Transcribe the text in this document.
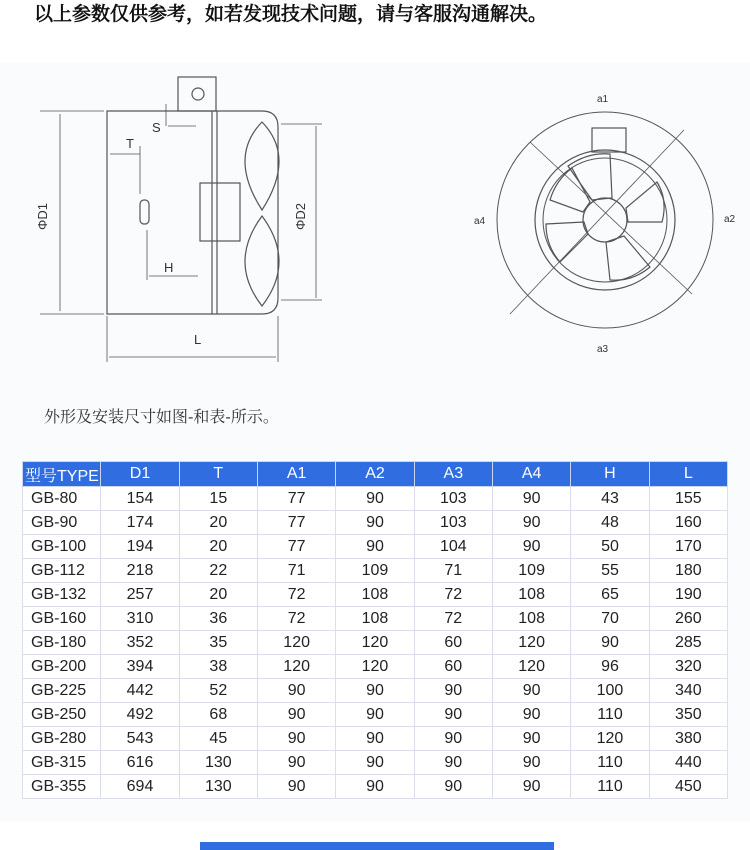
以上参数仅供参考，如若发现技术问题，请与客服沟通解决。
S
T
H
L
ΦD1	ΦD2
a1
a2
a3
a4
外形及安装尺寸如图-和表-所示。
型号TYPE	D1	T	A1	A2	A3	A4	H	L
GB-80	154	15	77	90	103	90	43	155
GB-90	174	20	77	90	103	90	48	160
GB-100	194	20	77	90	104	90	50	170
GB-112	218	22	71	109	71	109	55	180
GB-132	257	20	72	108	72	108	65	190
GB-160	310	36	72	108	72	108	70	260
GB-180	352	35	120	120	60	120	90	285
GB-200	394	38	120	120	60	120	96	320
GB-225	442	52	90	90	90	90	100	340
GB-250	492	68	90	90	90	90	110	350
GB-280	543	45	90	90	90	90	120	380
GB-315	616	130	90	90	90	90	110	440
GB-355	694	130	90	90	90	90	110	450
